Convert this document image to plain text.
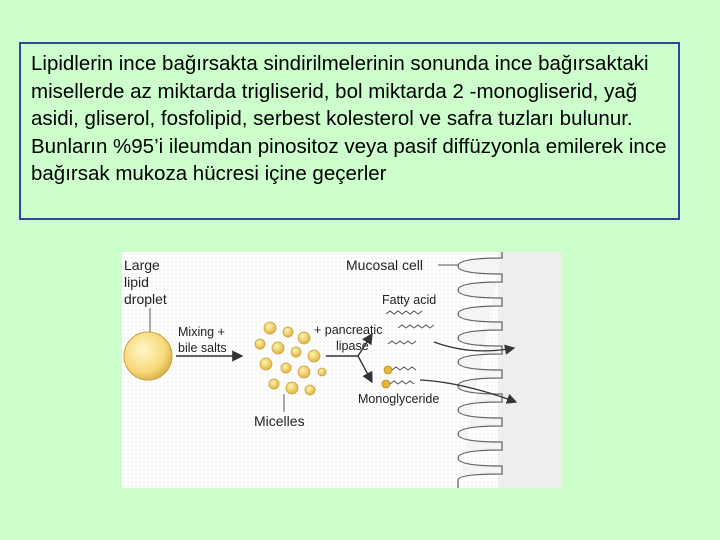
Lipidlerin ince bağırsakta sindirilmelerinin sonunda ince bağırsaktaki misellerde az miktarda trigliserid, bol miktarda 2 -monogliserid, yağ asidi, gliserol, fosfolipid, serbest kolesterol ve safra tuzları bulunur. Bunların %95’i ileumdan pinositoz veya pasif diffüzyonla emilerek ince bağırsak mukoza hücresi içine geçerler
Large
lipid
droplet
Mixing +
bile salts
Micelles
+ pancreatic
lipase
Mucosal cell
Fatty acid
Monoglyceride
